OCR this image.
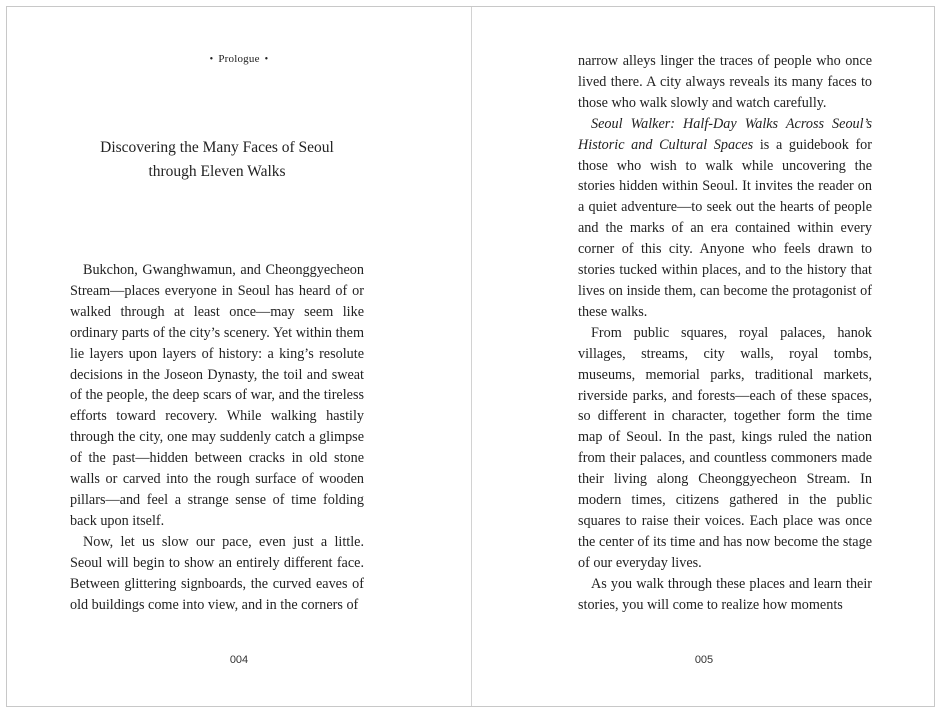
• Prologue •
Discovering the Many Faces of Seoul
through Eleven Walks

Bukchon, Gwanghwamun, and Cheonggyecheon Stream—places everyone in Seoul has heard of or walked through at least once—may seem like ordinary parts of the city’s scenery. Yet within them lie layers upon layers of history: a king’s resolute decisions in the Joseon Dynasty, the toil and sweat of the people, the deep scars of war, and the tireless efforts toward recovery. While walking hastily through the city, one may suddenly catch a glimpse of the past—hidden between cracks in old stone walls or carved into the rough surface of wooden pillars—and feel a strange sense of time folding back upon itself.

Now, let us slow our pace, even just a little. Seoul will begin to show an entirely different face. Between glittering signboards, the curved eaves of old buildings come into view, and in the corners of

004

narrow alleys linger the traces of people who once lived there. A city always reveals its many faces to those who walk slowly and watch carefully.

Seoul Walker: Half-Day Walks Across Seoul’s Historic and Cultural Spaces is a guidebook for those who wish to walk while uncovering the stories hidden within Seoul. It invites the reader on a quiet adventure—to seek out the hearts of people and the marks of an era contained within every corner of this city. Anyone who feels drawn to stories tucked within places, and to the history that lives on inside them, can become the protagonist of these walks.

From public squares, royal palaces, hanok villages, streams, city walls, royal tombs, museums, memorial parks, traditional markets, riverside parks, and forests—each of these spaces, so different in character, together form the time map of Seoul. In the past, kings ruled the nation from their palaces, and countless commoners made their living along Cheonggyecheon Stream. In modern times, citizens gathered in the public squares to raise their voices. Each place was once the center of its time and has now become the stage of our everyday lives.

As you walk through these places and learn their stories, you will come to realize how moments

005
